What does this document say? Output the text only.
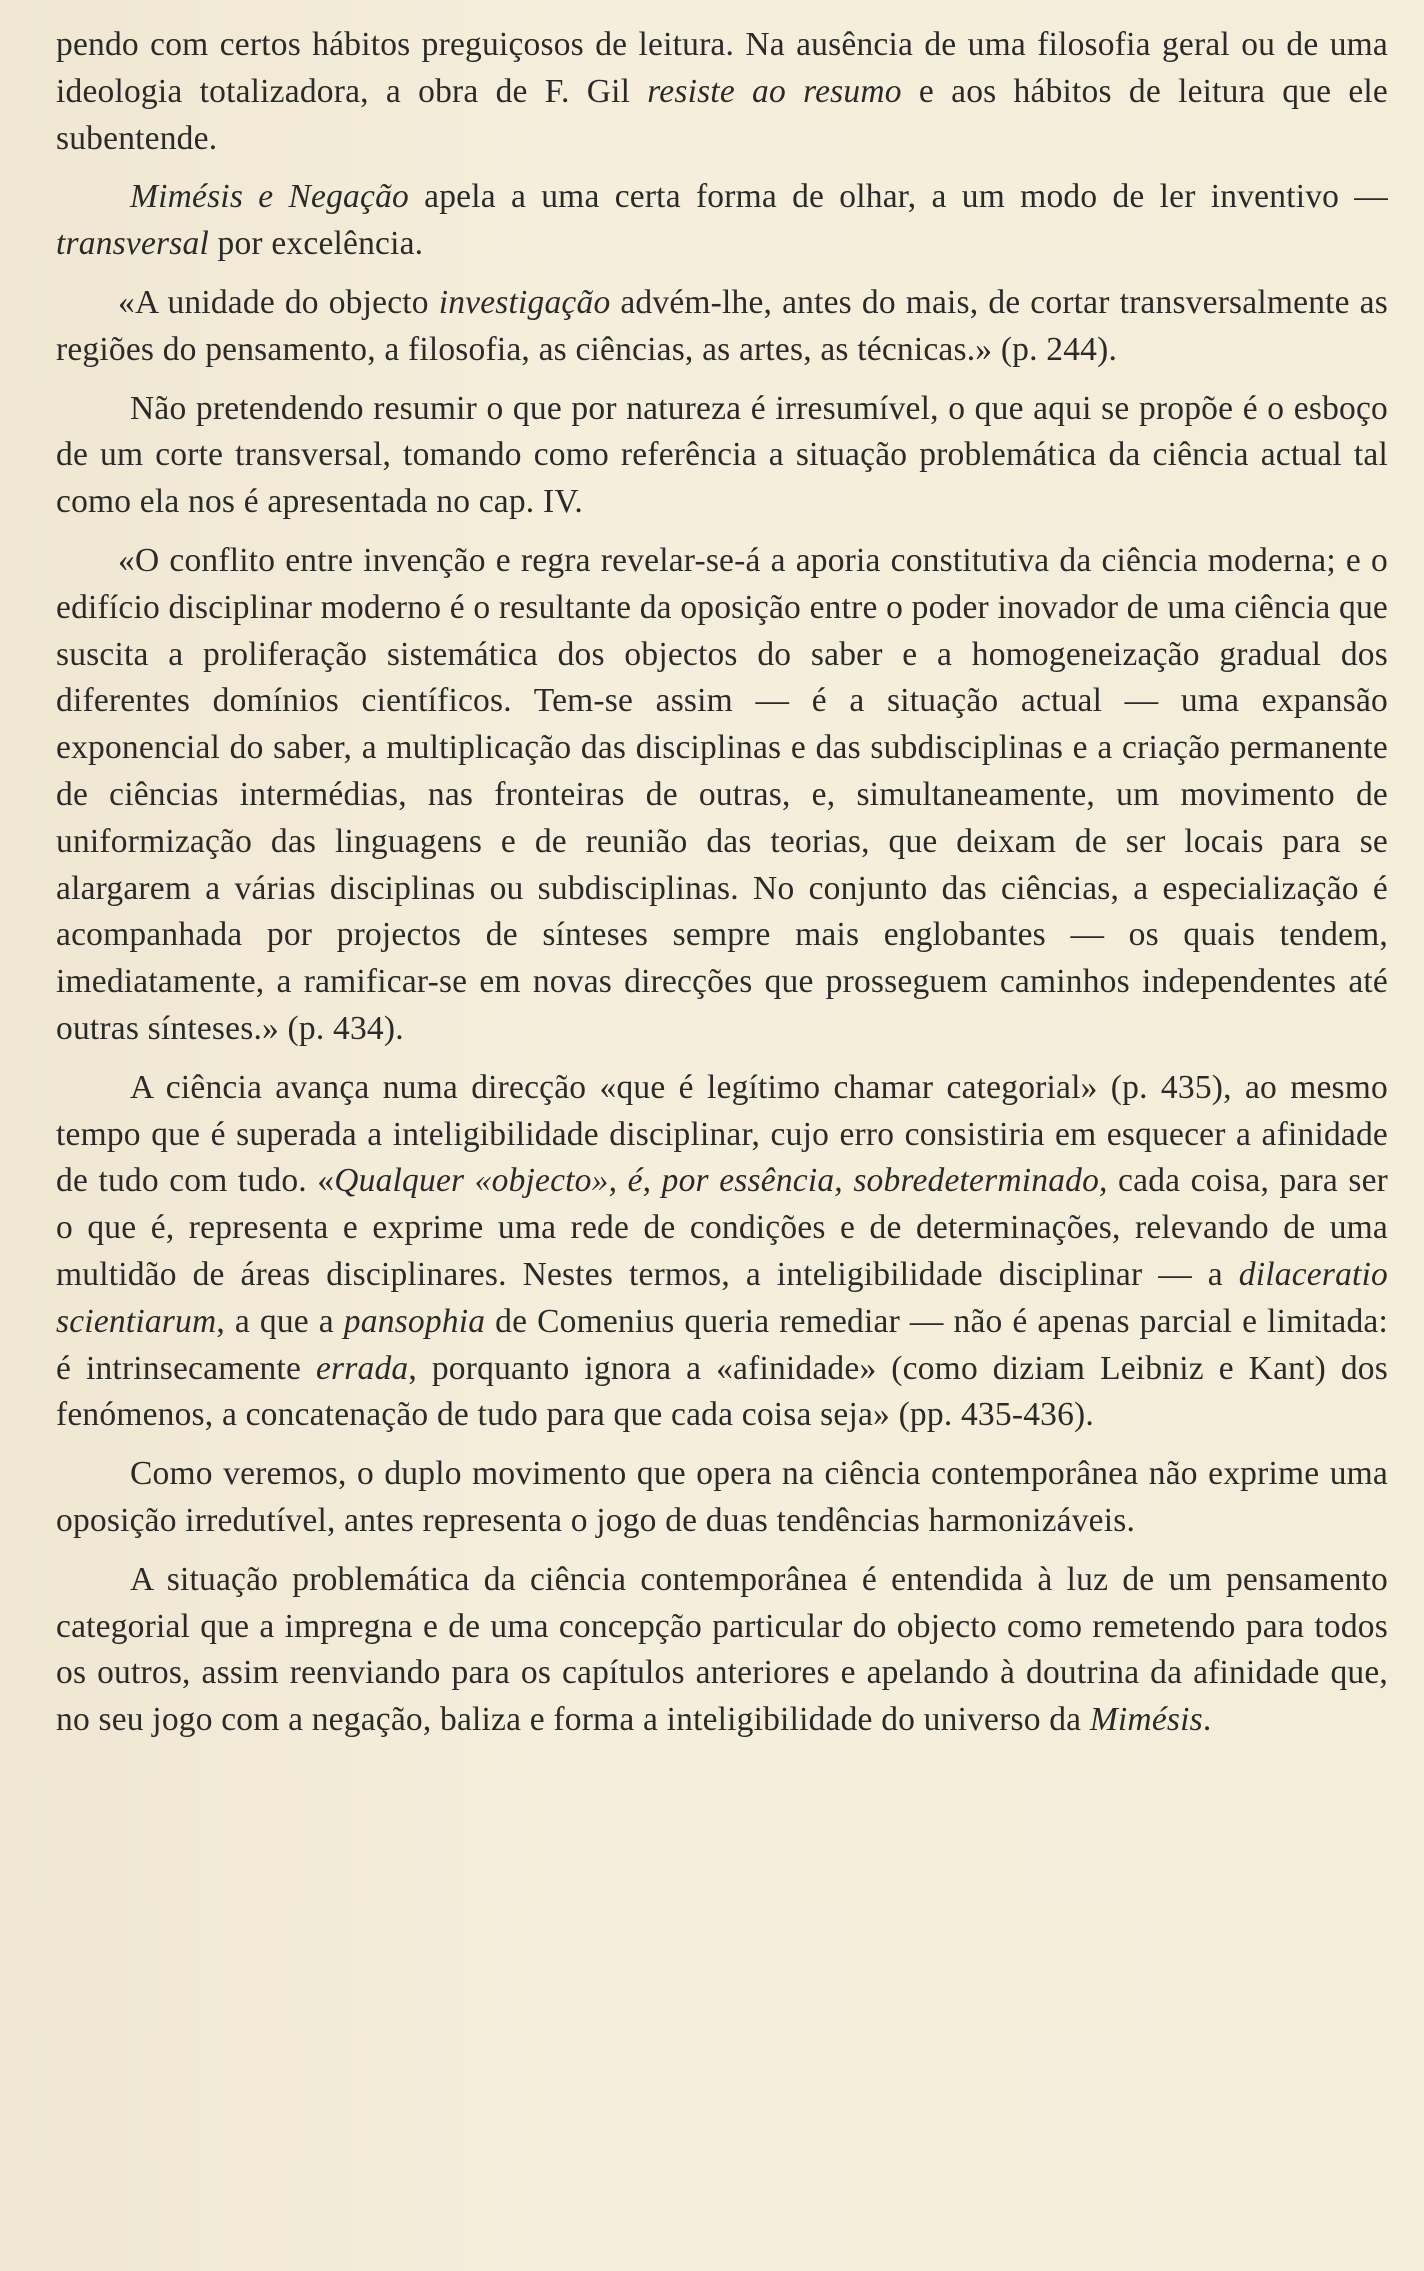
pendo com certos hábitos preguiçosos de leitura. Na ausência de uma filosofia geral ou de uma ideologia totalizadora, a obra de F. Gil resiste ao resumo e aos hábitos de leitura que ele subentende.

Mimésis e Negação apela a uma certa forma de olhar, a um modo de ler inventivo — transversal por excelência.

«A unidade do objecto investigação advém-lhe, antes do mais, de cortar transversalmente as regiões do pensamento, a filosofia, as ciências, as artes, as técnicas.» (p. 244).

Não pretendendo resumir o que por natureza é irresumível, o que aqui se propõe é o esboço de um corte transversal, tomando como referência a situação problemática da ciência actual tal como ela nos é apresentada no cap. IV.

«O conflito entre invenção e regra revelar-se-á a aporia constitutiva da ciência moderna; e o edifício disciplinar moderno é o resultante da oposição entre o poder inovador de uma ciência que suscita a proliferação sistemática dos objectos do saber e a homogeneização gradual dos diferentes domínios científicos. Tem-se assim — é a situação actual — uma expansão exponencial do saber, a multiplicação das disciplinas e das subdisciplinas e a criação permanente de ciências intermédias, nas fronteiras de outras, e, simultaneamente, um movimento de uniformização das linguagens e de reunião das teorias, que deixam de ser locais para se alargarem a várias disciplinas ou subdisciplinas. No conjunto das ciências, a especialização é acompanhada por projectos de sínteses sempre mais englobantes — os quais tendem, imediatamente, a ramificar-se em novas direcções que prosseguem caminhos independentes até outras sínteses.» (p. 434).

A ciência avança numa direcção «que é legítimo chamar categorial» (p. 435), ao mesmo tempo que é superada a inteligibilidade disciplinar, cujo erro consistiria em esquecer a afinidade de tudo com tudo. «Qualquer «objecto», é, por essência, sobredeterminado, cada coisa, para ser o que é, representa e exprime uma rede de condições e de determinações, relevando de uma multidão de áreas disciplinares. Nestes termos, a inteligibilidade disciplinar — a dilaceratio scientiarum, a que a pansophia de Comenius queria remediar — não é apenas parcial e limitada: é intrinsecamente errada, porquanto ignora a «afinidade» (como diziam Leibniz e Kant) dos fenómenos, a concatenação de tudo para que cada coisa seja» (pp. 435-436).

Como veremos, o duplo movimento que opera na ciência contemporânea não exprime uma oposição irredutível, antes representa o jogo de duas tendências harmonizáveis.

A situação problemática da ciência contemporânea é entendida à luz de um pensamento categorial que a impregna e de uma concepção particular do objecto como remetendo para todos os outros, assim reenviando para os capítulos anteriores e apelando à doutrina da afinidade que, no seu jogo com a negação, baliza e forma a inteligibilidade do universo da Mimésis.
